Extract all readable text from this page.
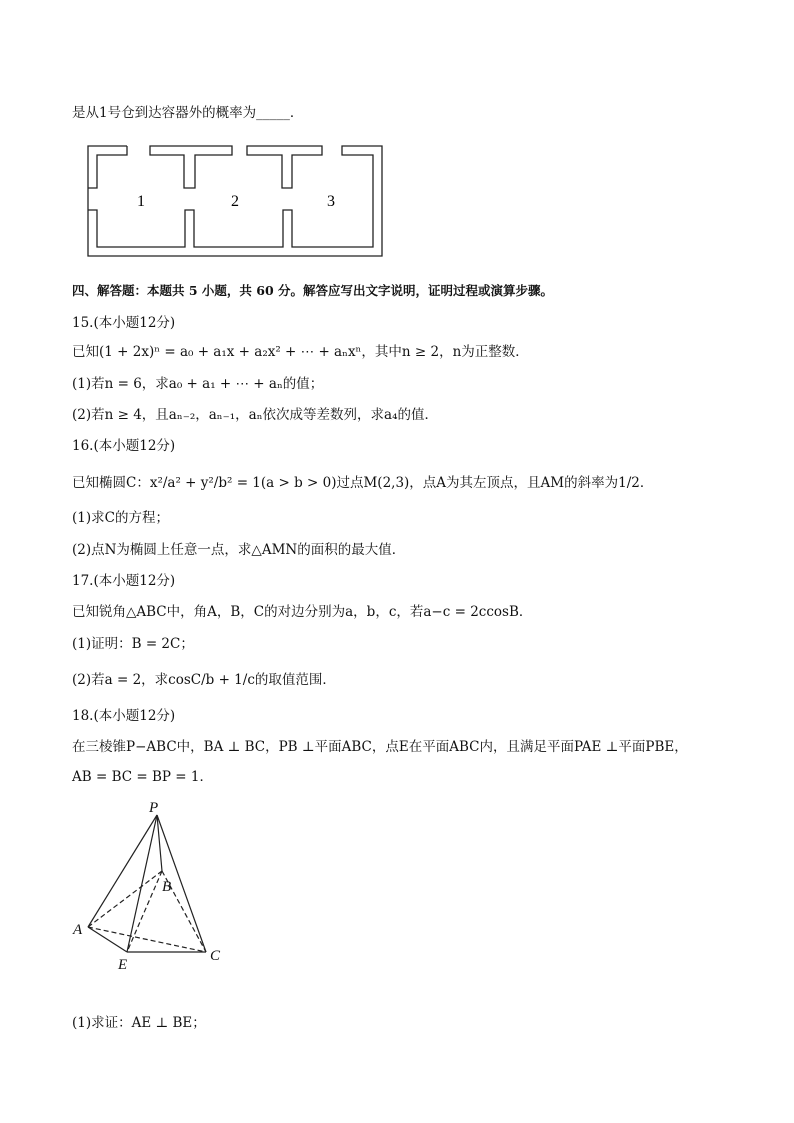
是从1号仓到达容器外的概率为_____．
1	2	3
四、解答题：本题共 5 小题，共 60 分。解答应写出文字说明，证明过程或演算步骤。
15.(本小题12分)
已知(1 + 2x)ⁿ = a₀ + a₁x + a₂x² + ⋯ + aₙxⁿ，其中n ≥ 2，n为正整数．
(1)若n = 6，求a₀ + a₁ + ⋯ + aₙ的值；
(2)若n ≥ 4，且aₙ₋₂，aₙ₋₁，aₙ依次成等差数列，求a₄的值．
16.(本小题12分)
已知椭圆C：x²/a² + y²/b² = 1(a > b > 0)过点M(2,3)，点A为其左顶点，且AM的斜率为1/2．
(1)求C的方程；
(2)点N为椭圆上任意一点，求△AMN的面积的最大值．
17.(本小题12分)
已知锐角△ABC中，角A，B，C的对边分别为a，b，c，若a−c = 2ccosB．
(1)证明：B = 2C；
(2)若a = 2，求cosC/b + 1/c的取值范围．
18.(本小题12分)
在三棱锥P−ABC中，BA ⊥ BC，PB ⊥平面ABC，点E在平面ABC内，且满足平面PAE ⊥平面PBE，
AB = BC = BP = 1．
P
B
A
E
C
(1)求证：AE ⊥ BE；
